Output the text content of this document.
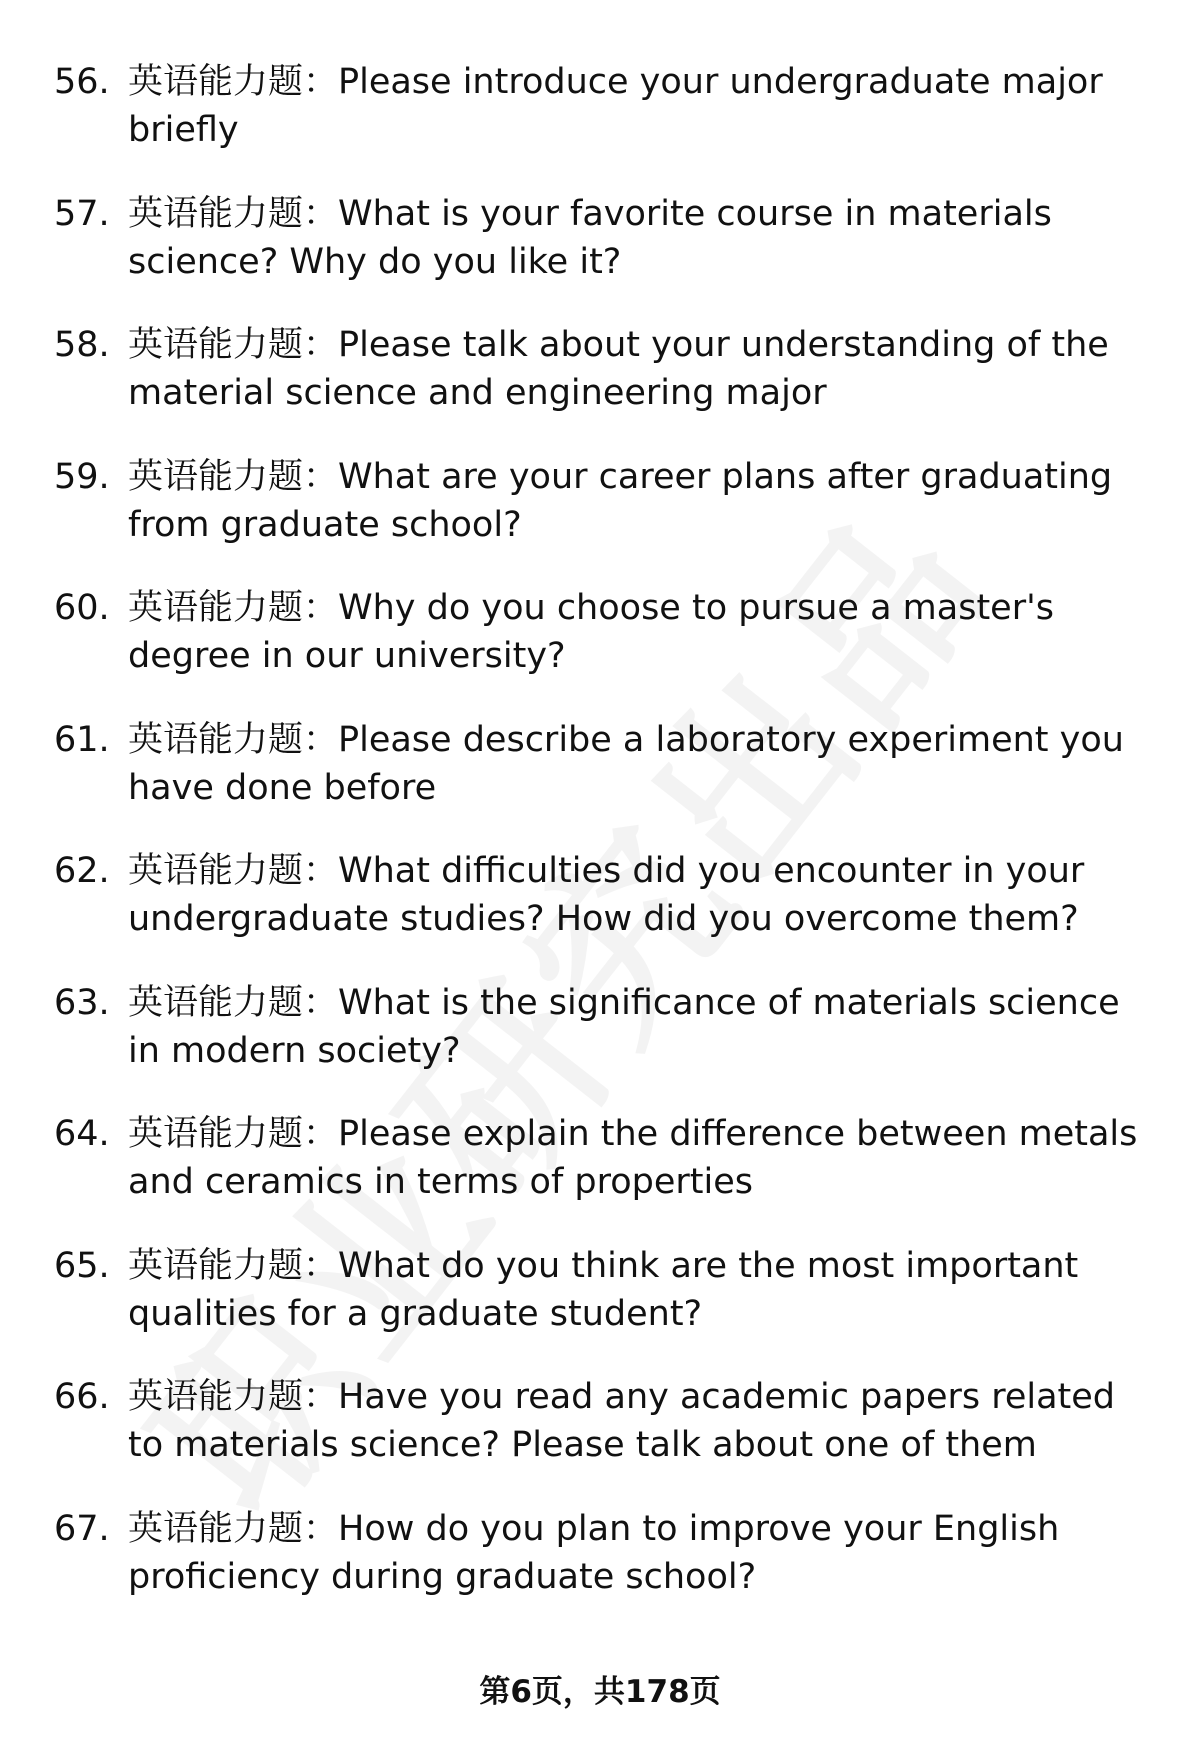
56. 英语能力题：Please introduce your undergraduate major briefly
57. 英语能力题：What is your favorite course in materials science? Why do you like it?
58. 英语能力题：Please talk about your understanding of the material science and engineering major
59. 英语能力题：What are your career plans after graduating from graduate school?
60. 英语能力题：Why do you choose to pursue a master's degree in our university?
61. 英语能力题：Please describe a laboratory experiment you have done before
62. 英语能力题：What difficulties did you encounter in your undergraduate studies? How did you overcome them?
63. 英语能力题：What is the significance of materials science in modern society?
64. 英语能力题：Please explain the difference between metals and ceramics in terms of properties
65. 英语能力题：What do you think are the most important qualities for a graduate student?
66. 英语能力题：Have you read any academic papers related to materials science? Please talk about one of them
67. 英语能力题：How do you plan to improve your English proficiency during graduate school?
第6页，共178页
